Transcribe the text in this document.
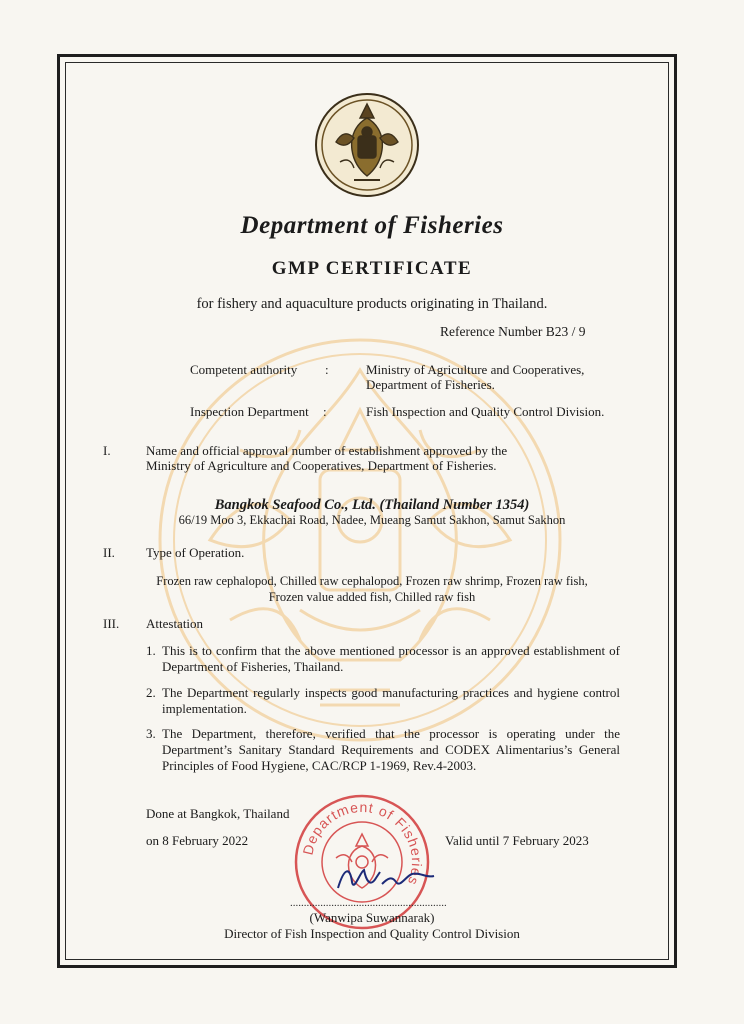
Department of Fisheries
GMP CERTIFICATE
for fishery and aquaculture products originating in Thailand.
Reference Number B23 / 9
Competent authority :	Ministry of Agriculture and Cooperatives,
Department of Fisheries.
Inspection Department :	Fish Inspection and Quality Control Division.
I.	Name and official approval number of establishment approved by the
Ministry of Agriculture and Cooperatives, Department of Fisheries.
Bangkok Seafood Co., Ltd. (Thailand Number 1354)
66/19 Moo 3, Ekkachai Road, Nadee, Mueang Samut Sakhon, Samut Sakhon
II. Type of Operation.
Frozen raw cephalopod, Chilled raw cephalopod, Frozen raw shrimp, Frozen raw fish,
Frozen value added fish, Chilled raw fish
III. Attestation
1. This is to confirm that the above mentioned processor is an approved establishment of Department of Fisheries, Thailand.
2. The Department regularly inspects good manufacturing practices and hygiene control implementation.
3. The Department, therefore, verified that the processor is operating under the Department’s Sanitary Standard Requirements and CODEX Alimentarius’s General Principles of Food Hygiene, CAC/RCP 1-1969, Rev.4-2003.
Done at Bangkok, Thailand
on 8 February 2022	Valid until 7 February 2023
Department of Fisheries
.........................................................
(Wanwipa Suwannarak)
Director of Fish Inspection and Quality Control Division
